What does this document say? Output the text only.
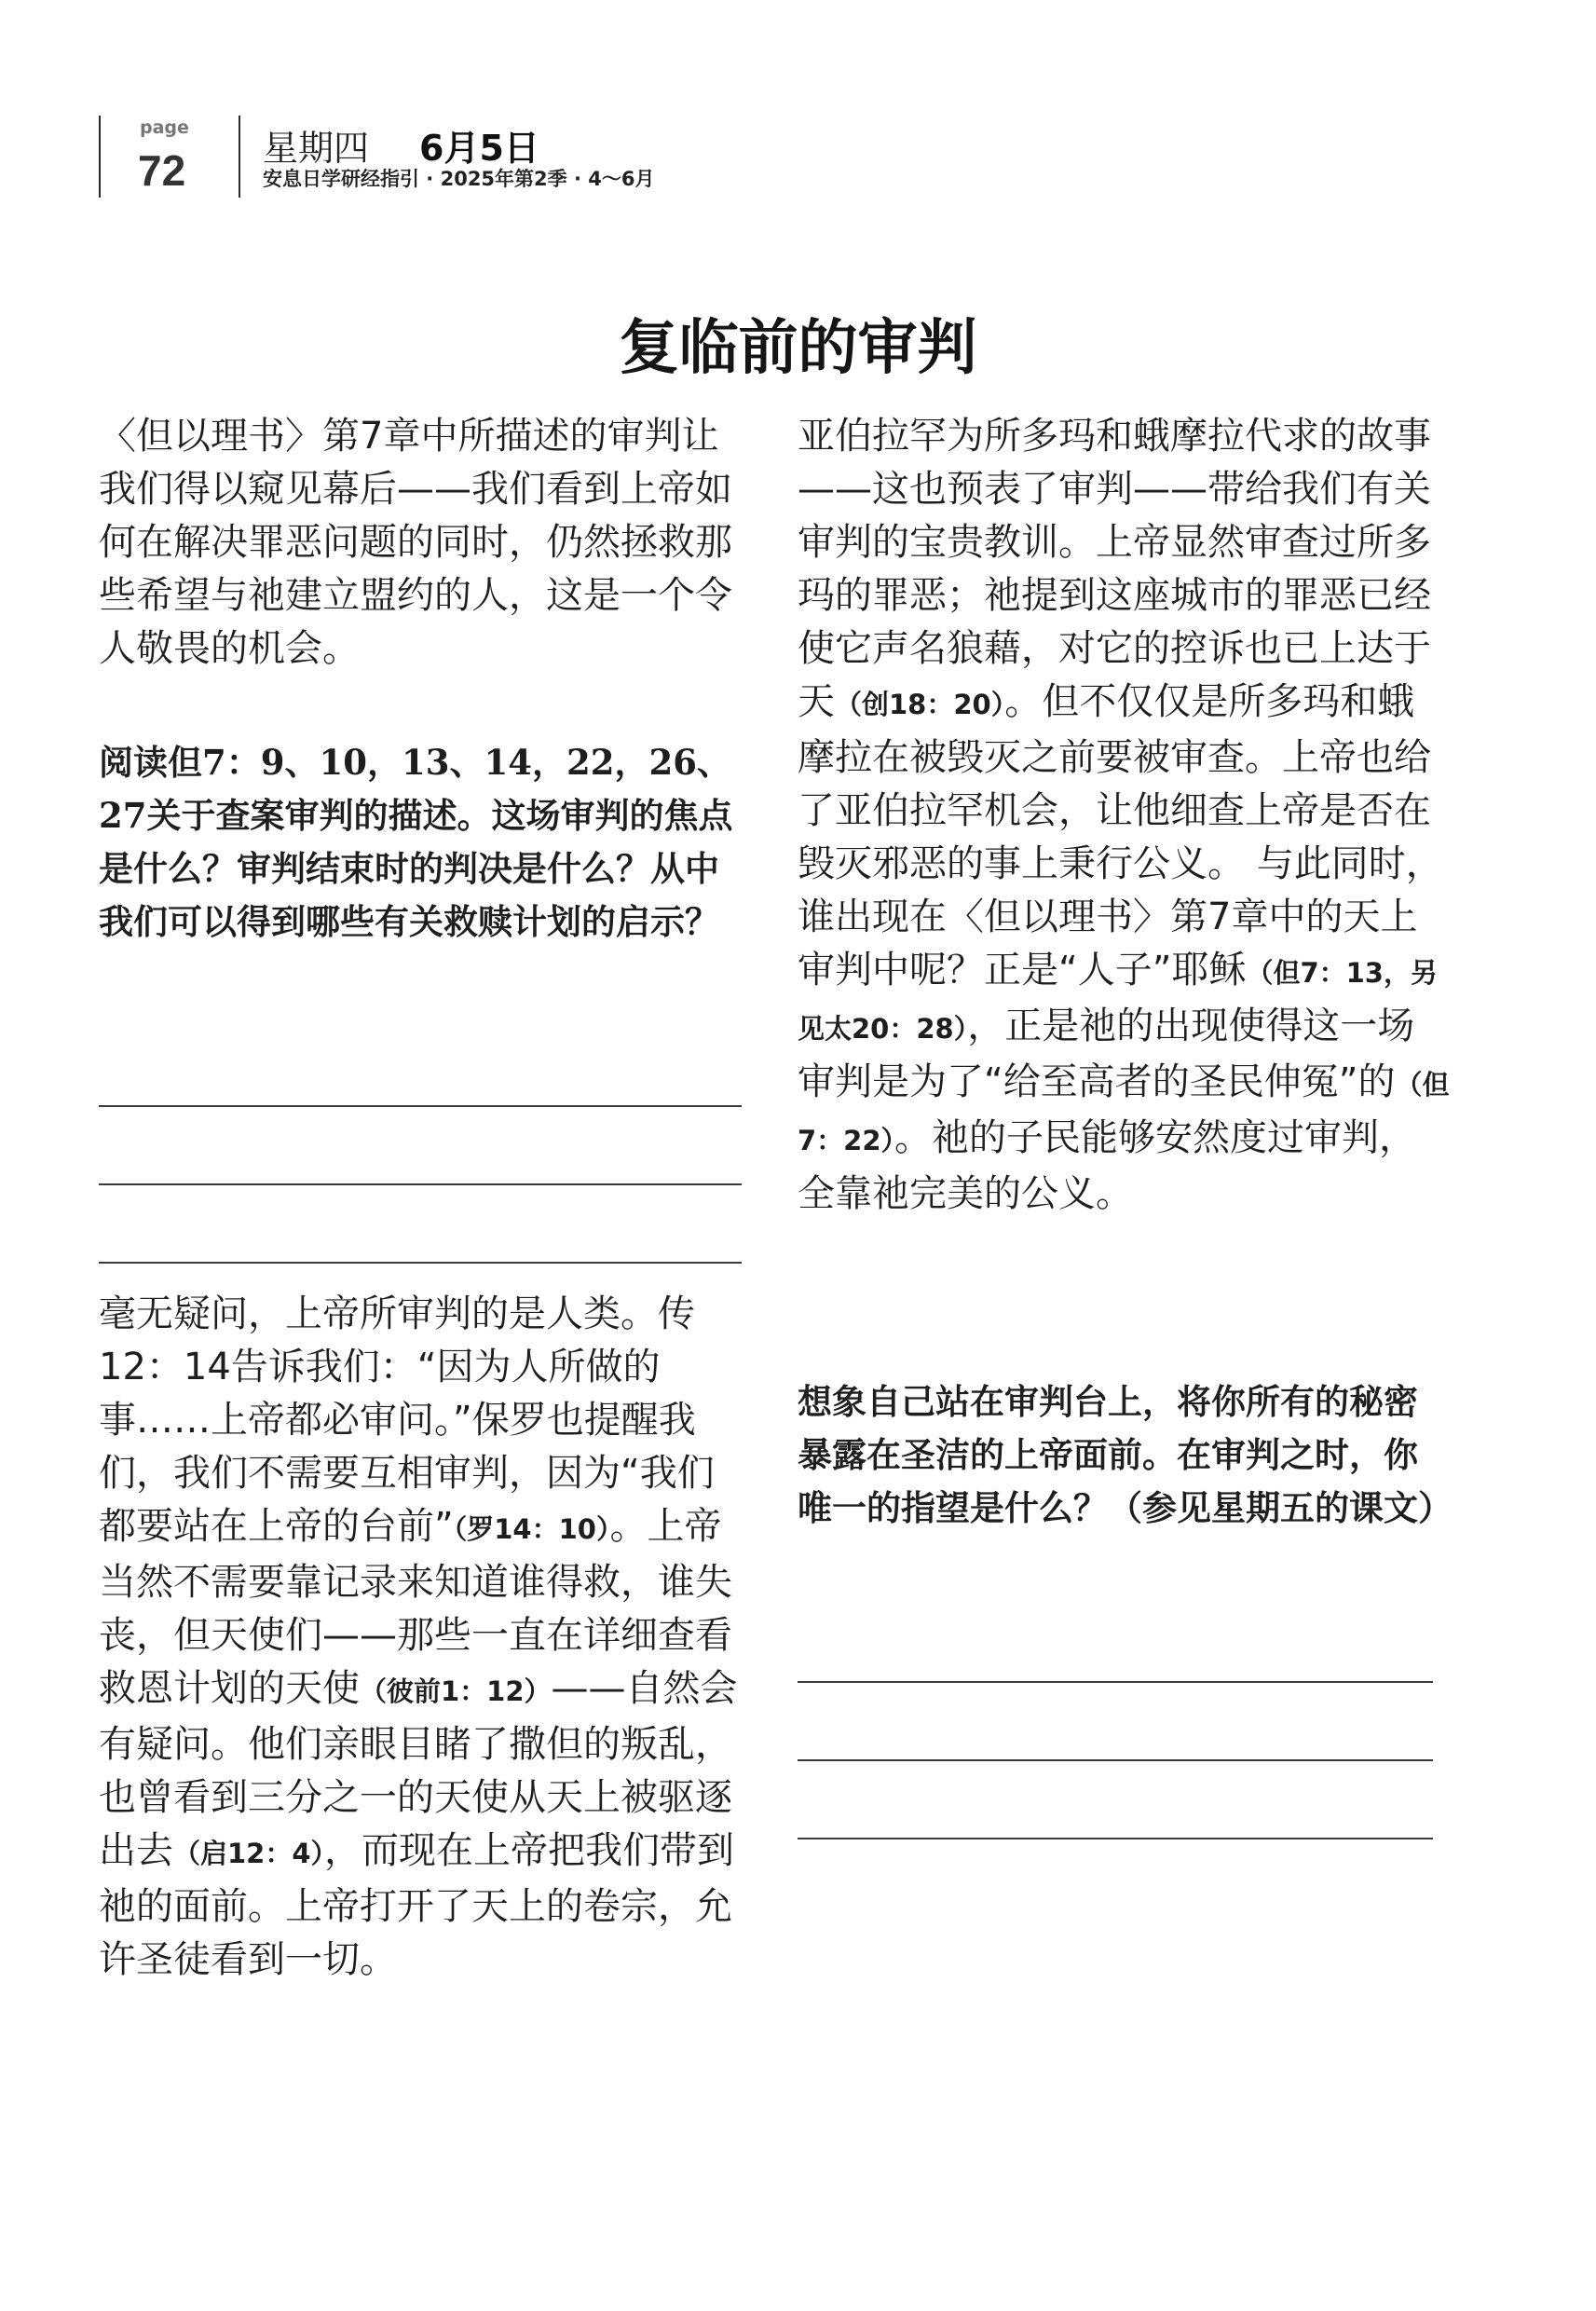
page
72 星期四 6月5日
安息日学研经指引 · 2025年第2季 · 4～6月
复临前的审判

〈但以理书〉第7章中所描述的审判让我们得以窥见幕后——我们看到上帝如何在解决罪恶问题的同时，仍然拯救那些希望与祂建立盟约的人，这是一个令人敬畏的机会。

阅读但7：9、10，13、14，22，26、27关于查案审判的描述。这场审判的焦点是什么？审判结束时的判决是什么？从中我们可以得到哪些有关救赎计划的启示？

毫无疑问，上帝所审判的是人类。传12：14告诉我们：“因为人所做的事……上帝都必审问。”保罗也提醒我们，我们不需要互相审判，因为“我们都要站在上帝的台前”（罗14：10）。上帝当然不需要靠记录来知道谁得救，谁失丧，但天使们——那些一直在详细查看救恩计划的天使（彼前1：12）——自然会有疑问。他们亲眼目睹了撒但的叛乱，也曾看到三分之一的天使从天上被驱逐出去（启12：4），而现在上帝把我们带到祂的面前。上帝打开了天上的卷宗，允许圣徒看到一切。

亚伯拉罕为所多玛和蛾摩拉代求的故事——这也预表了审判——带给我们有关审判的宝贵教训。上帝显然审查过所多玛的罪恶；祂提到这座城市的罪恶已经使它声名狼藉，对它的控诉也已上达于天（创18：20）。但不仅仅是所多玛和蛾摩拉在被毁灭之前要被审查。上帝也给了亚伯拉罕机会，让他细查上帝是否在毁灭邪恶的事上秉行公义。 与此同时，谁出现在〈但以理书〉第7章中的天上审判中呢？正是“人子”耶稣（但7：13，另见太20：28），正是祂的出现使得这一场审判是为了“给至高者的圣民伸冤”的（但7：22）。祂的子民能够安然度过审判，全靠祂完美的公义。

想象自己站在审判台上，将你所有的秘密暴露在圣洁的上帝面前。在审判之时，你唯一的指望是什么？（参见星期五的课文）
